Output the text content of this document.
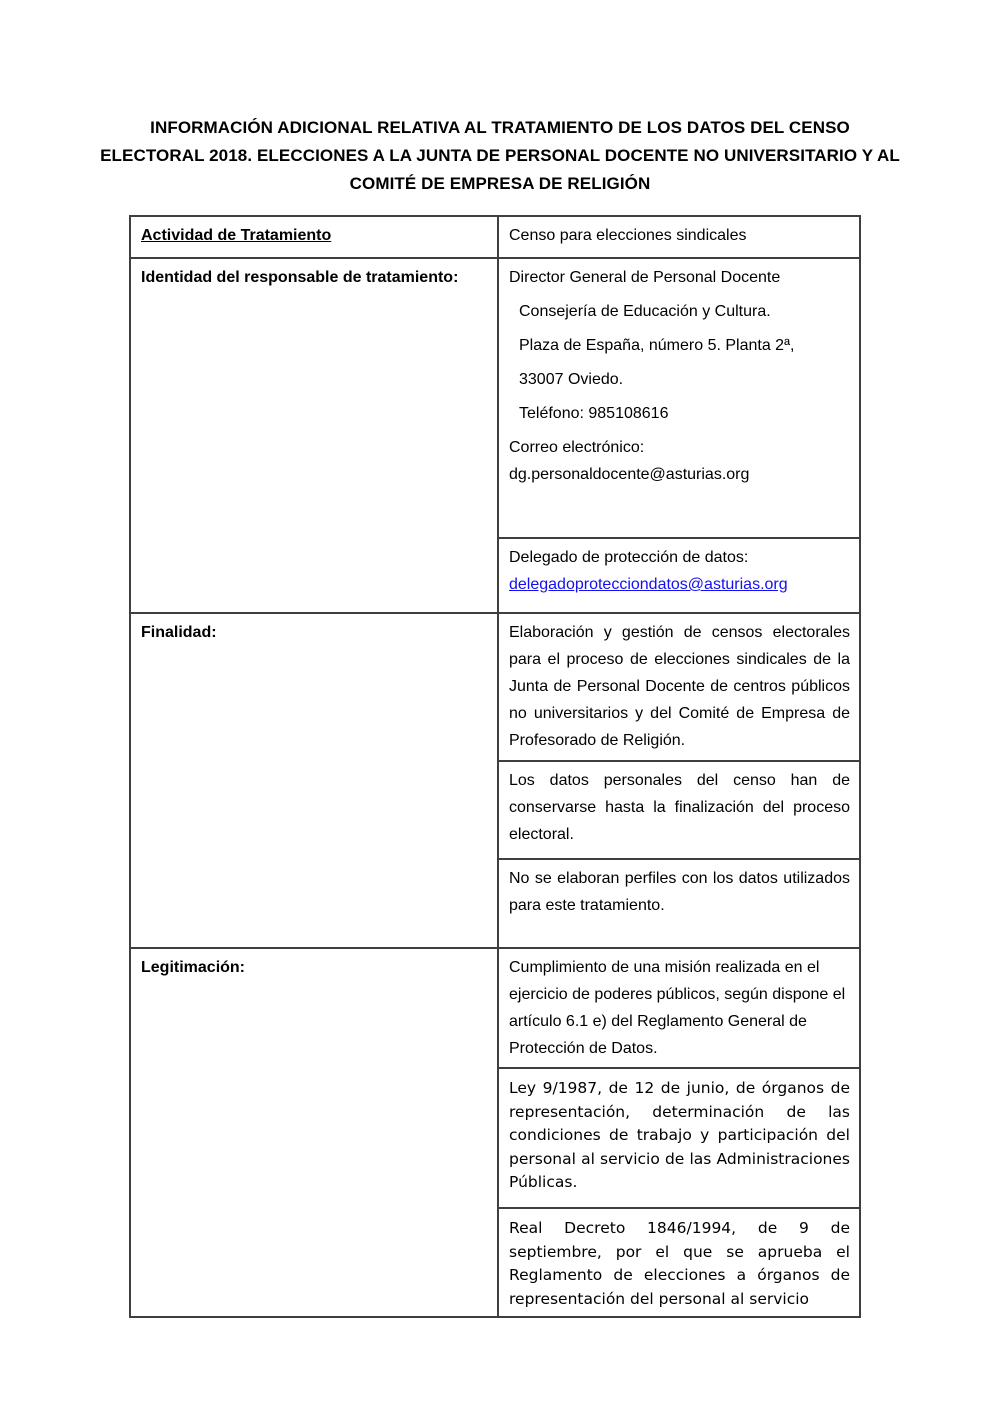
INFORMACIÓN ADICIONAL RELATIVA AL TRATAMIENTO DE LOS DATOS DEL CENSO
ELECTORAL 2018. ELECCIONES A LA JUNTA DE PERSONAL DOCENTE NO UNIVERSITARIO Y AL
COMITÉ DE EMPRESA DE RELIGIÓN
Actividad de Tratamiento	Censo para elecciones sindicales
Identidad del responsable de tratamiento:	Director General de Personal Docente
Consejería de Educación y Cultura.
Plaza de España, número 5. Planta 2ª,
33007 Oviedo.
Teléfono: 985108616
Correo electrónico:
dg.personaldocente@asturias.org

	Delegado de protección de datos:
delegadoprotecciondatos@asturias.org
Finalidad:	Elaboración y gestión de censos electorales para el proceso de elecciones sindicales de la Junta de Personal Docente de centros públicos no universitarios y del Comité de Empresa de Profesorado de Religión.
	Los datos personales del censo han de conservarse hasta la finalización del proceso electoral.
	No se elaboran perfiles con los datos utilizados para este tratamiento.
Legitimación:	Cumplimiento de una misión realizada en el ejercicio de poderes públicos, según dispone el artículo 6.1 e) del Reglamento General de Protección de Datos.
	Ley 9/1987, de 12 de junio, de órganos de representación, determinación de las condiciones de trabajo y participación del personal al servicio de las Administraciones Públicas.
	Real Decreto 1846/1994, de 9 de septiembre, por el que se aprueba el Reglamento de elecciones a órganos de representación del personal al servicio
